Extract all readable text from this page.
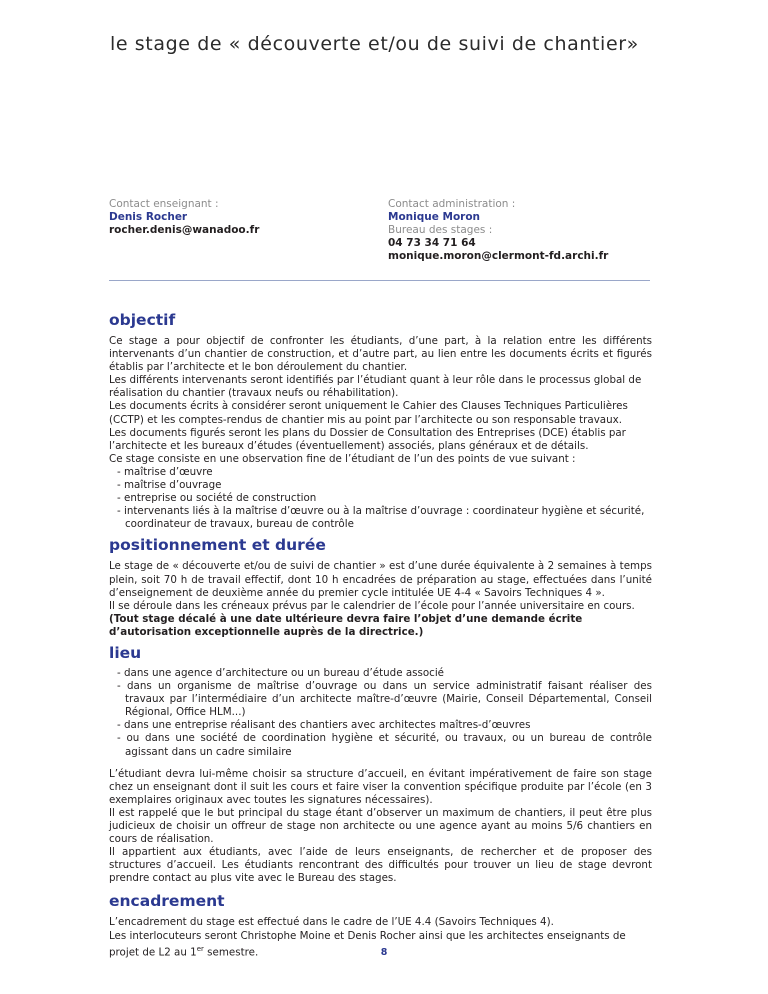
le stage de « découverte et/ou de suivi de chantier»
Contact enseignant :
Denis Rocher
rocher.denis@wanadoo.fr
Contact administration :
Monique Moron
Bureau des stages :
04 73 34 71 64
monique.moron@clermont-fd.archi.fr
objectif

Ce stage a pour objectif de confronter les étudiants, d’une part, à la relation entre les différents intervenants d’un chantier de construction, et d’autre part, au lien entre les documents écrits et figurés établis par l’architecte et le bon déroulement du chantier.

Les différents intervenants seront identifiés par l’étudiant quant à leur rôle dans le processus global de réalisation du chantier (travaux neufs ou réhabilitation).

Les documents écrits à considérer seront uniquement le Cahier des Clauses Techniques Particulières (CCTP) et les comptes-rendus de chantier mis au point par l’architecte ou son responsable travaux.

Les documents figurés seront les plans du Dossier de Consultation des Entreprises (DCE) établis par l’architecte et les bureaux d’études (éventuellement) associés, plans généraux et de détails.

Ce stage consiste en une observation fine de l’étudiant de l’un des points de vue suivant :

- maîtrise d’œuvre
- maîtrise d’ouvrage
- entreprise ou société de construction
- intervenants liés à la maîtrise d’œuvre ou à la maîtrise d’ouvrage : coordinateur hygiène et sécurité, coordinateur de travaux, bureau de contrôle
positionnement et durée

Le stage de « découverte et/ou de suivi de chantier » est d’une durée équivalente à 2 semaines à temps plein, soit 70 h de travail effectif, dont 10 h encadrées de préparation au stage, effectuées dans l’unité d’enseignement de deuxième année du premier cycle intitulée UE 4-4 « Savoirs Techniques 4 ».

Il se déroule dans les créneaux prévus par le calendrier de l’école pour l’année universitaire en cours.

(Tout stage décalé à une date ultérieure devra faire l’objet d’une demande écrite d’autorisation exceptionnelle auprès de la directrice.)

lieu
- dans une agence d’architecture ou un bureau d’étude associé
- dans un organisme de maîtrise d’ouvrage ou dans un service administratif faisant réaliser des travaux par l’intermédiaire d’un architecte maître-d’œuvre (Mairie, Conseil Départemental, Conseil Régional, Office HLM...)
- dans une entreprise réalisant des chantiers avec architectes maîtres-d’œuvres
- ou dans une société de coordination hygiène et sécurité, ou travaux, ou un bureau de contrôle agissant dans un cadre similaire

L’étudiant devra lui-même choisir sa structure d’accueil, en évitant impérativement de faire son stage chez un enseignant dont il suit les cours et faire viser la convention spécifique produite par l’école (en 3 exemplaires originaux avec toutes les signatures nécessaires).

Il est rappelé que le but principal du stage étant d’observer un maximum de chantiers, il peut être plus judicieux de choisir un offreur de stage non architecte ou une agence ayant au moins 5/6 chantiers en cours de réalisation.

Il appartient aux étudiants, avec l’aide de leurs enseignants, de rechercher et de proposer des structures d’accueil. Les étudiants rencontrant des difficultés pour trouver un lieu de stage devront prendre contact au plus vite avec le Bureau des stages.

encadrement

L’encadrement du stage est effectué dans le cadre de l’UE 4.4 (Savoirs Techniques 4).

Les interlocuteurs seront Christophe Moine et Denis Rocher ainsi que les architectes enseignants de projet de L2 au 1er semestre.	8
